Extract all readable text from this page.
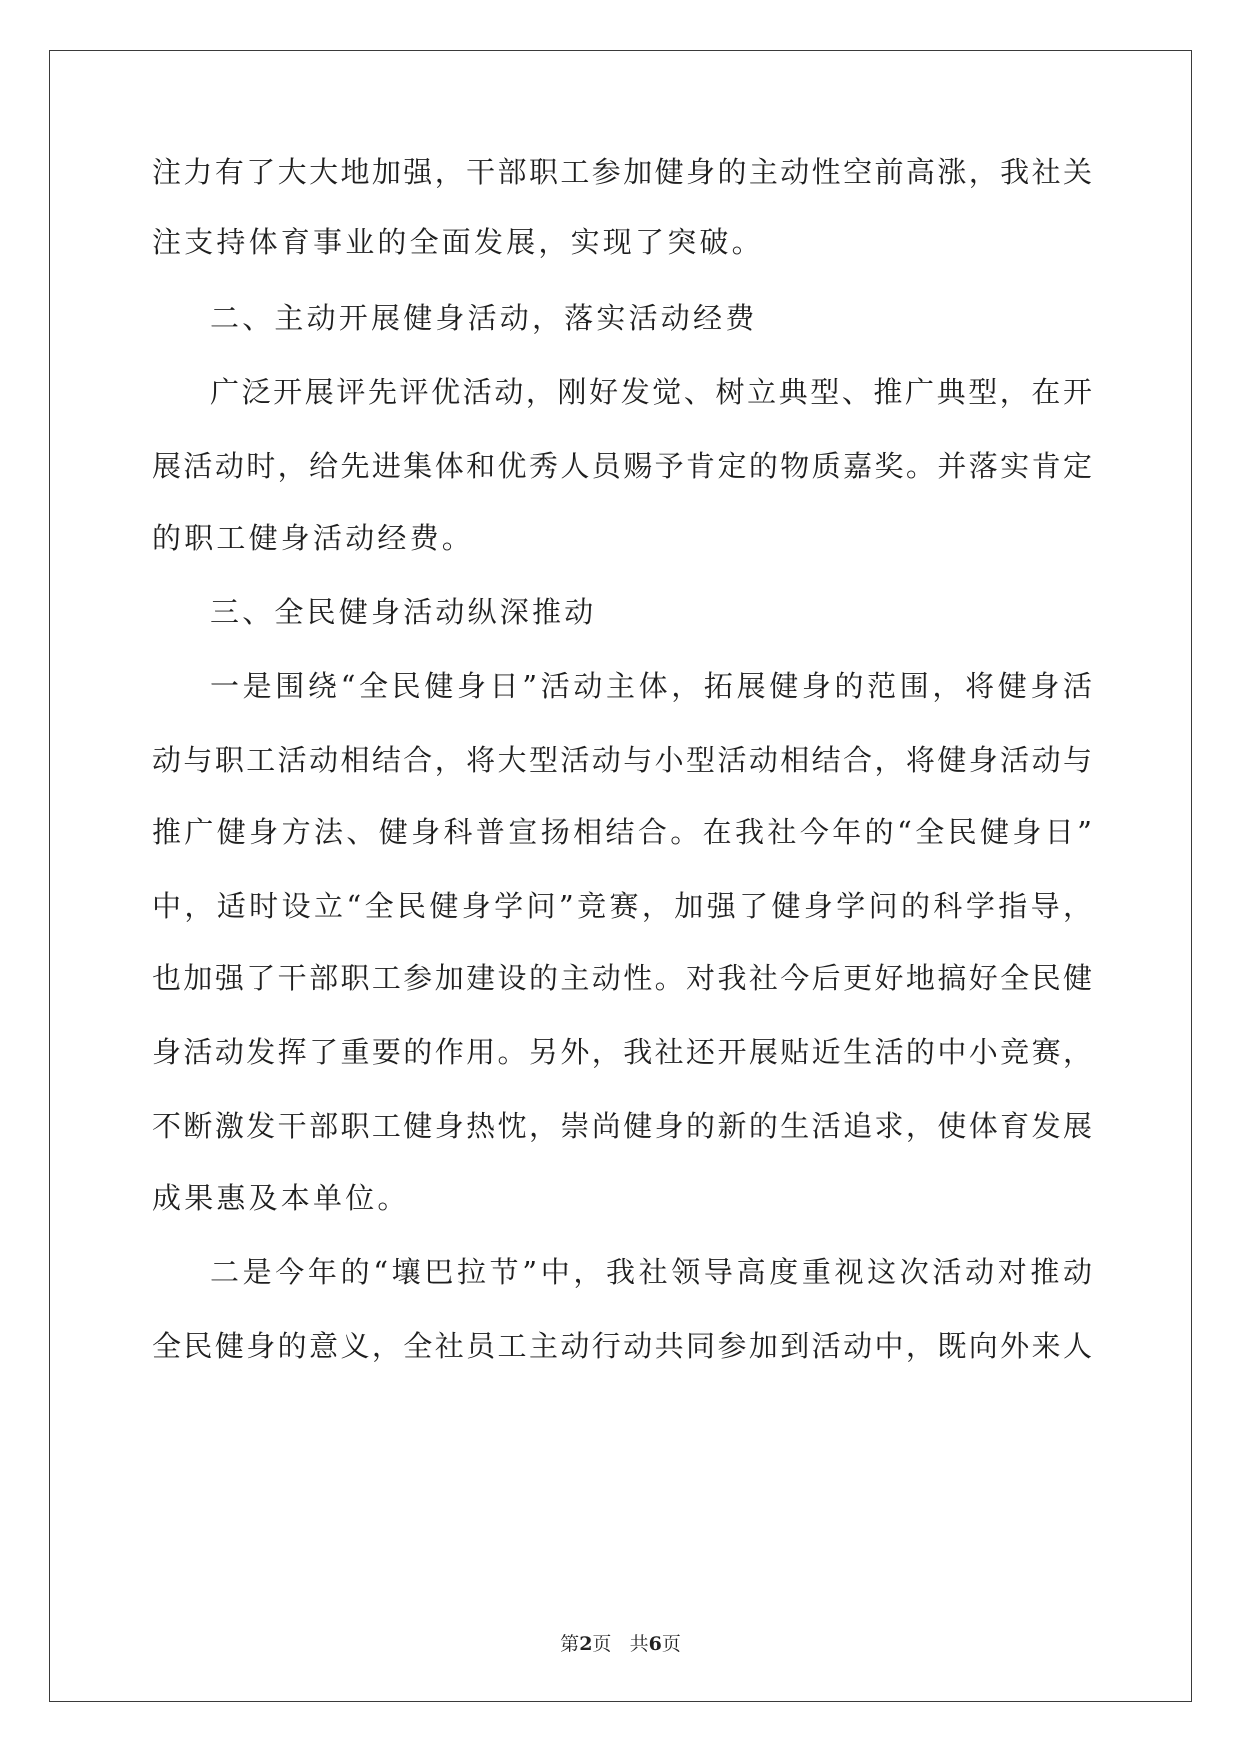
注力有了大大地加强，干部职工参加健身的主动性空前高涨，我社关

注支持体育事业的全面发展，实现了突破。

二、主动开展健身活动，落实活动经费

广泛开展评先评优活动，刚好发觉、树立典型、推广典型，在开

展活动时，给先进集体和优秀人员赐予肯定的物质嘉奖。并落实肯定

的职工健身活动经费。

三、全民健身活动纵深推动

一是围绕“全民健身日”活动主体，拓展健身的范围，将健身活

动与职工活动相结合，将大型活动与小型活动相结合，将健身活动与

推广健身方法、健身科普宣扬相结合。在我社今年的“全民健身日”

中，适时设立“全民健身学问”竞赛，加强了健身学问的科学指导，

也加强了干部职工参加建设的主动性。对我社今后更好地搞好全民健

身活动发挥了重要的作用。另外，我社还开展贴近生活的中小竞赛，

不断激发干部职工健身热忱，崇尚健身的新的生活追求，使体育发展

成果惠及本单位。

二是今年的“壤巴拉节”中，我社领导高度重视这次活动对推动

全民健身的意义，全社员工主动行动共同参加到活动中，既向外来人

第2页 共6页
